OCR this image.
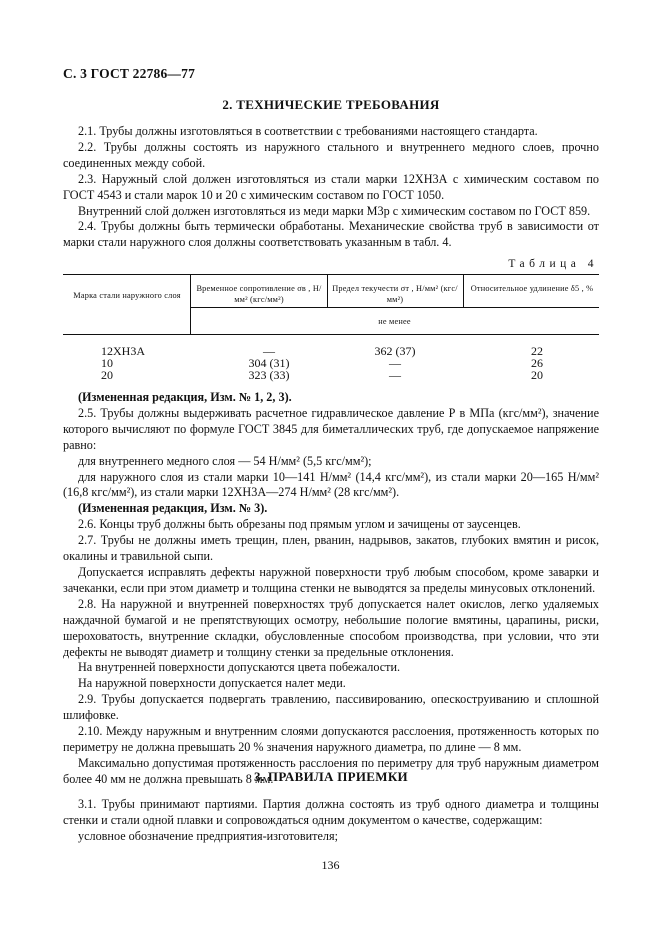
С. 3 ГОСТ 22786—77
2. ТЕХНИЧЕСКИЕ ТРЕБОВАНИЯ

2.1. Трубы должны изготовляться в соответствии с требованиями настоящего стандарта.

2.2. Трубы должны состоять из наружного стального и внутреннего медного слоев, прочно соединенных между собой.

2.3. Наружный слой должен изготовляться из стали марки 12ХН3А с химическим составом по ГОСТ 4543 и стали марок 10 и 20 с химическим составом по ГОСТ 1050.

Внутренний слой должен изготовляться из меди марки М3р с химическим составом по ГОСТ 859.

2.4. Трубы должны быть термически обработаны. Механические свойства труб в зависимости от марки стали наружного слоя должны соответствовать указанным в табл. 4.

Таблица 4
Марка стали наружного слоя
Временное сопротивление σв , Н/мм² (кгс/мм²)
Предел текучести σт , Н/мм² (кгс/мм²)
Относительное удлинение δ5 , %
не менее
12ХН3А	—	362 (37)	22
10	304 (31)	—	26
20	323 (33)	—	20

(Измененная редакция, Изм. № 1, 2, 3).

2.5. Трубы должны выдерживать расчетное гидравлическое давление Р в МПа (кгс/мм²), значение которого вычисляют по формуле ГОСТ 3845 для биметаллических труб, где допускаемое напряжение равно:

для внутреннего медного слоя — 54 Н/мм² (5,5 кгс/мм²);

для наружного слоя из стали марки 10—141 Н/мм² (14,4 кгс/мм²), из стали марки 20—165 Н/мм² (16,8 кгс/мм²), из стали марки 12ХН3А—274 Н/мм² (28 кгс/мм²).

(Измененная редакция, Изм. № 3).

2.6. Концы труб должны быть обрезаны под прямым углом и зачищены от заусенцев.

2.7. Трубы не должны иметь трещин, плен, рванин, надрывов, закатов, глубоких вмятин и рисок, окалины и травильной сыпи.

Допускается исправлять дефекты наружной поверхности труб любым способом, кроме заварки и зачеканки, если при этом диаметр и толщина стенки не выводятся за пределы минусовых отклонений.

2.8. На наружной и внутренней поверхностях труб допускается налет окислов, легко удаляемых наждачной бумагой и не препятствующих осмотру, небольшие пологие вмятины, царапины, риски, шероховатость, внутренние складки, обусловленные способом производства, при условии, что эти дефекты не выводят диаметр и толщину стенки за предельные отклонения.

На внутренней поверхности допускаются цвета побежалости.

На наружной поверхности допускается налет меди.

2.9. Трубы допускается подвергать травлению, пассивированию, опескоструиванию и сплошной шлифовке.

2.10. Между наружным и внутренним слоями допускаются расслоения, протяженность которых по периметру не должна превышать 20 % значения наружного диаметра, по длине — 8 мм.

Максимально допустимая протяженность расслоения по периметру для труб наружным диаметром более 40 мм не должна превышать 8 мм.

3. ПРАВИЛА ПРИЕМКИ

3.1. Трубы принимают партиями. Партия должна состоять из труб одного диаметра и толщины стенки и стали одной плавки и сопровождаться одним документом о качестве, содержащим:

условное обозначение предприятия-изготовителя;

136
